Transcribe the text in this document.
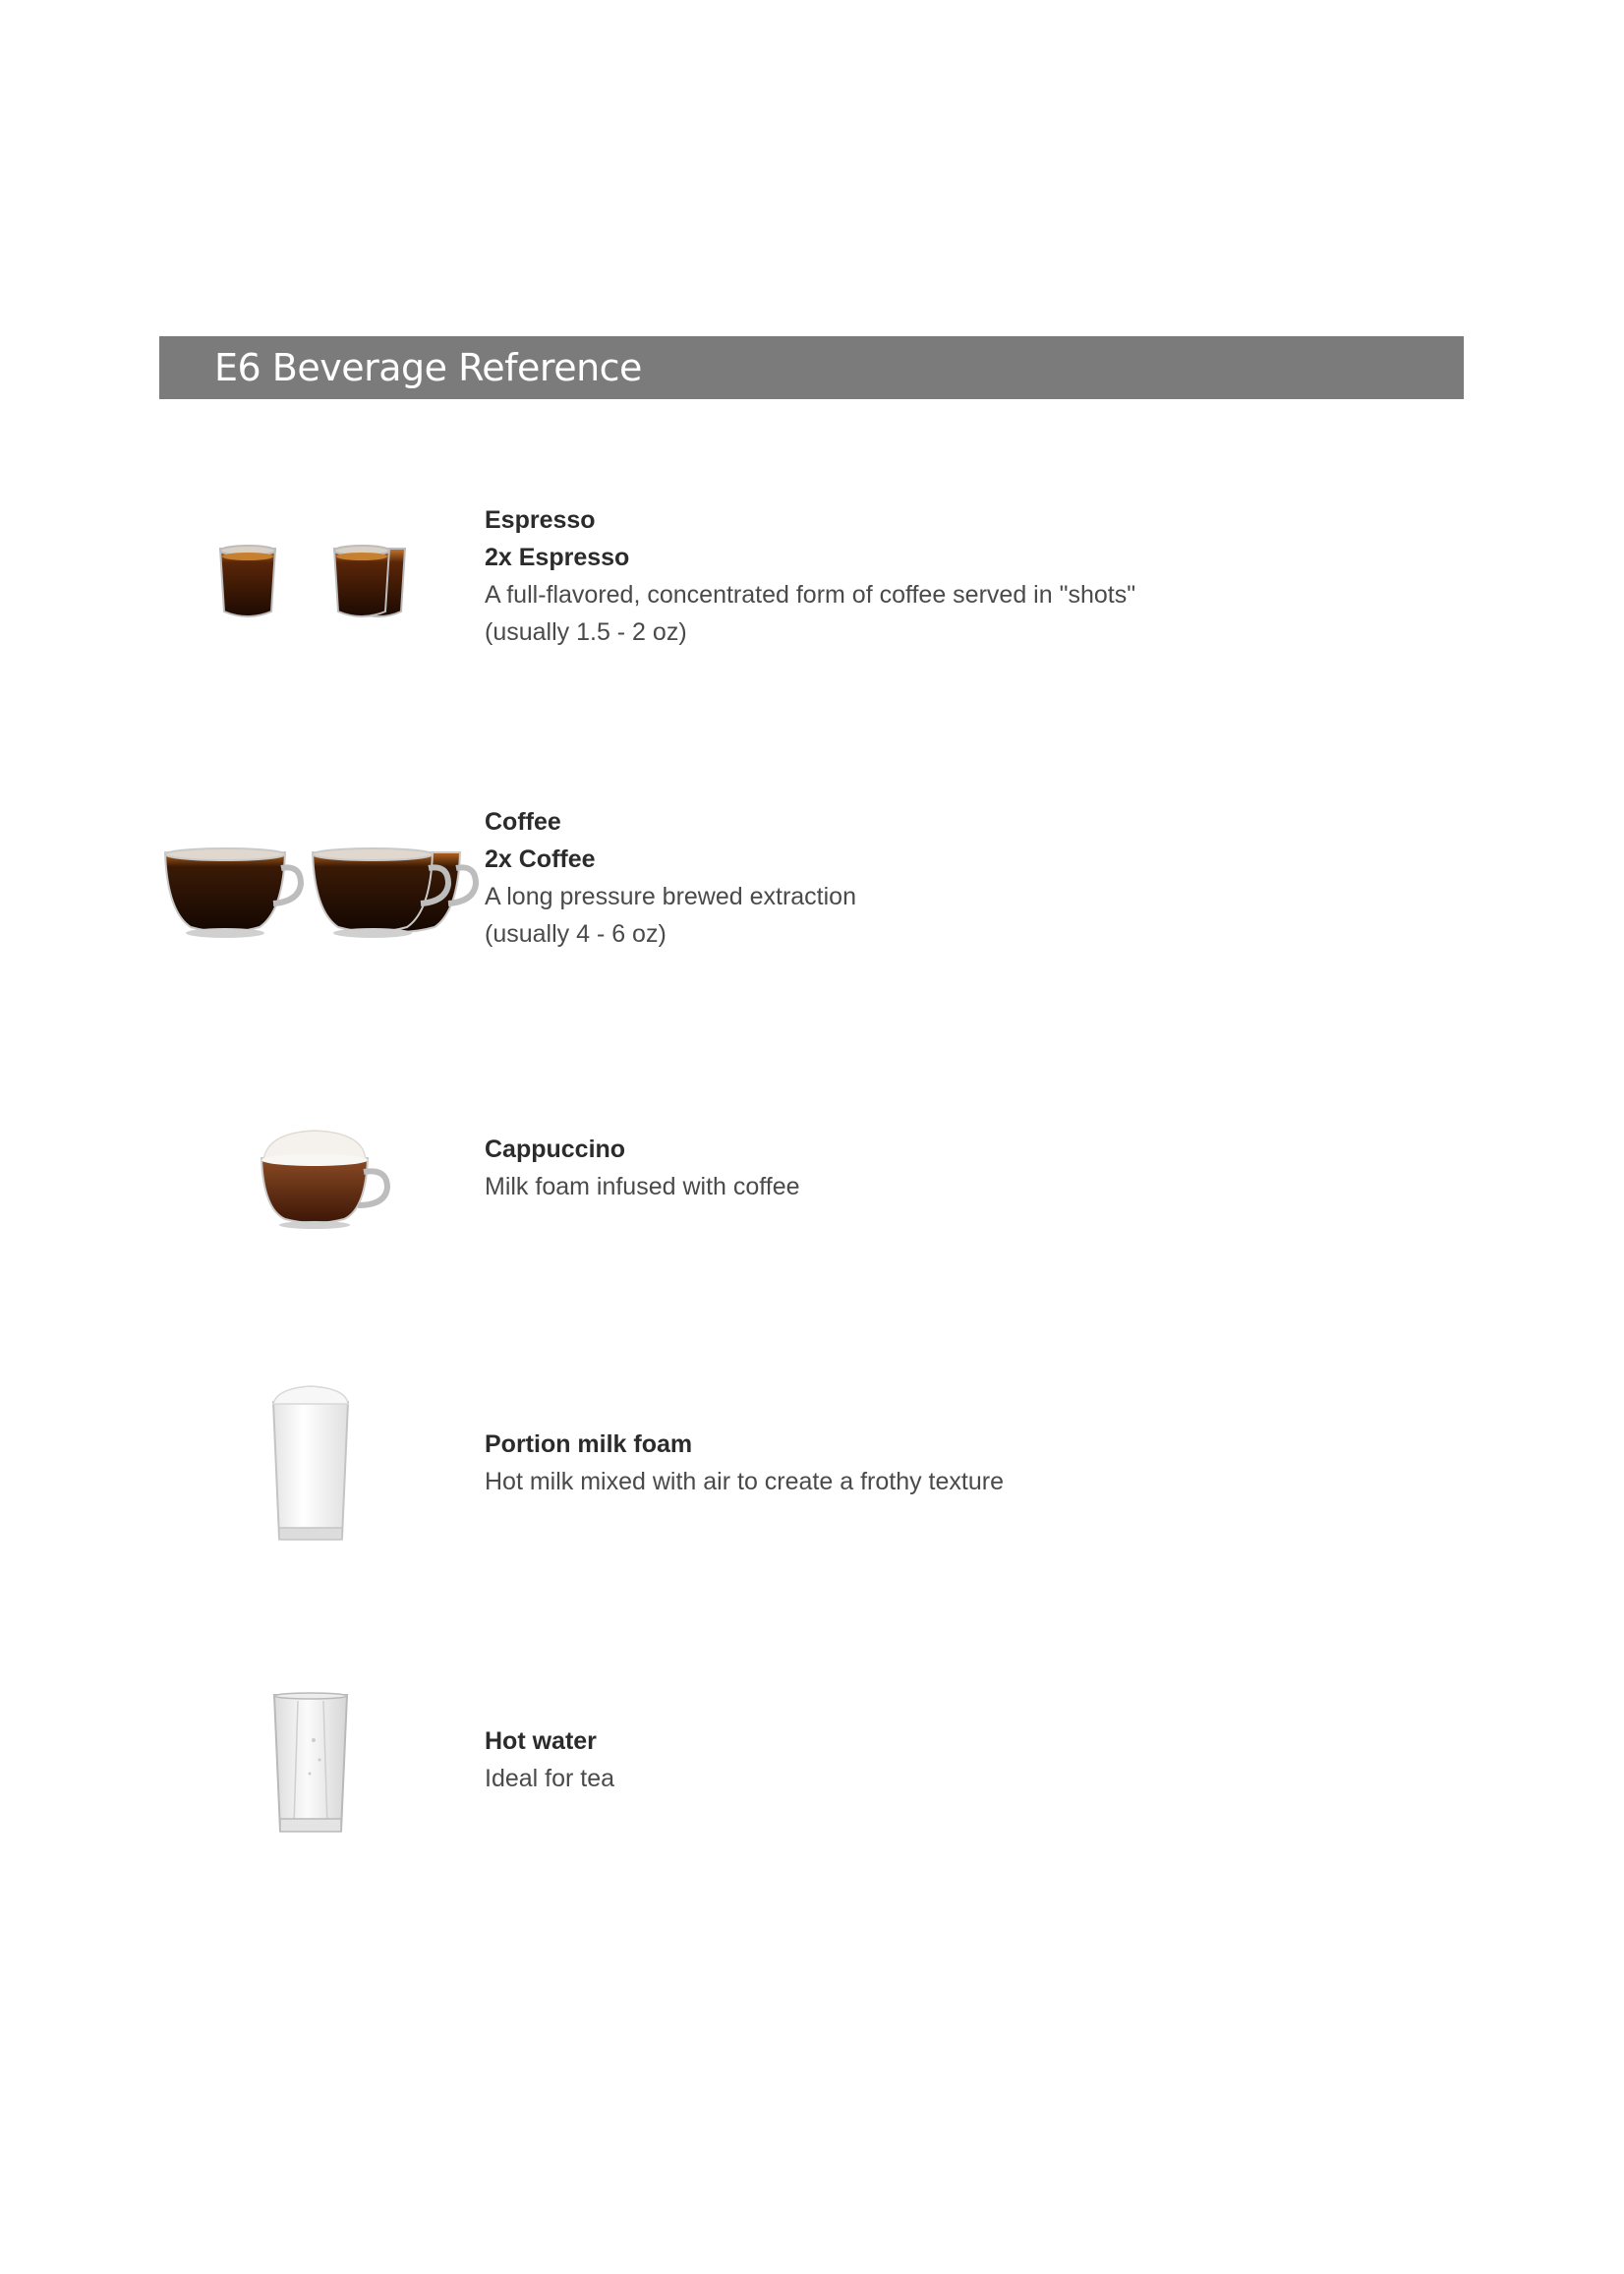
E6 Beverage Reference
Espresso
2x Espresso
A full-flavored, concentrated form of coffee served in "shots"
(usually 1.5 - 2 oz)
Coffee
2x Coffee
A long pressure brewed extraction
(usually 4 - 6 oz)
Cappuccino
Milk foam infused with coffee
Portion milk foam
Hot milk mixed with air to create a frothy texture
Hot water
Ideal for tea
